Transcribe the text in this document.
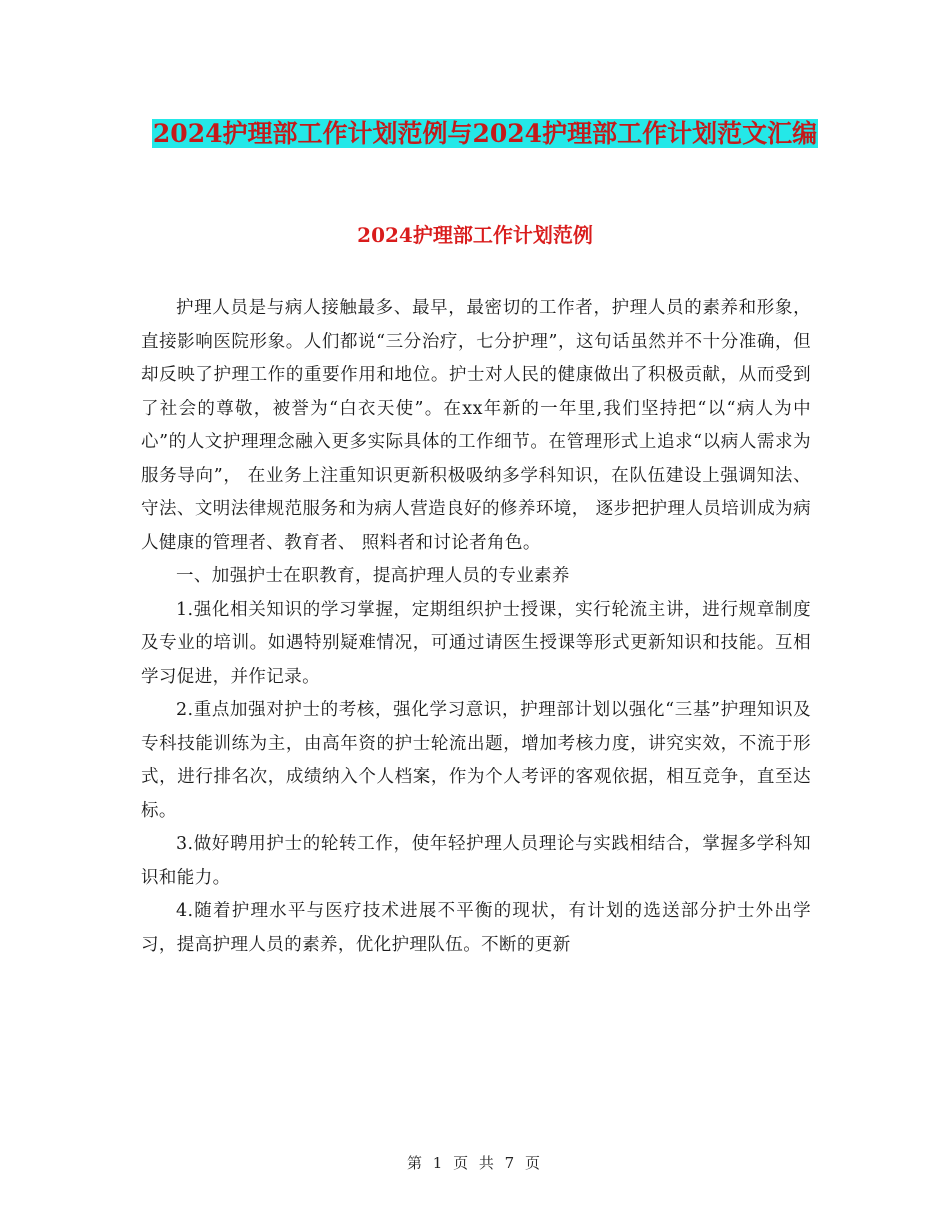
2024护理部工作计划范例与2024护理部工作计划范文汇编
2024护理部工作计划范例

护理人员是与病人接触最多、最早，最密切的工作者，护理人员的素养和形象，直接影响医院形象。人们都说“三分治疗，七分护理”，这句话虽然并不十分准确，但却反映了护理工作的重要作用和地位。护士对人民的健康做出了积极贡献，从而受到了社会的尊敬，被誉为“白衣天使”。在xx年新的一年里,我们坚持把“以“病人为中心”的人文护理理念融入更多实际具体的工作细节。在管理形式上追求“以病人需求为服务导向”， 在业务上注重知识更新积极吸纳多学科知识，在队伍建设上强调知法、守法、文明法律规范服务和为病人营造良好的修养环境， 逐步把护理人员培训成为病人健康的管理者、教育者、 照料者和讨论者角色。

一、加强护士在职教育，提高护理人员的专业素养

1.强化相关知识的学习掌握，定期组织护士授课，实行轮流主讲，进行规章制度及专业的培训。如遇特别疑难情况，可通过请医生授课等形式更新知识和技能。互相学习促进，并作记录。

2.重点加强对护士的考核，强化学习意识，护理部计划以强化“三基”护理知识及专科技能训练为主，由高年资的护士轮流出题，增加考核力度，讲究实效，不流于形式，进行排名次，成绩纳入个人档案，作为个人考评的客观依据，相互竞争，直至达标。

3.做好聘用护士的轮转工作，使年轻护理人员理论与实践相结合，掌握多学科知识和能力。

4.随着护理水平与医疗技术进展不平衡的现状，有计划的选送部分护士外出学习，提高护理人员的素养，优化护理队伍。不断的更新

第 1 页 共 7 页
